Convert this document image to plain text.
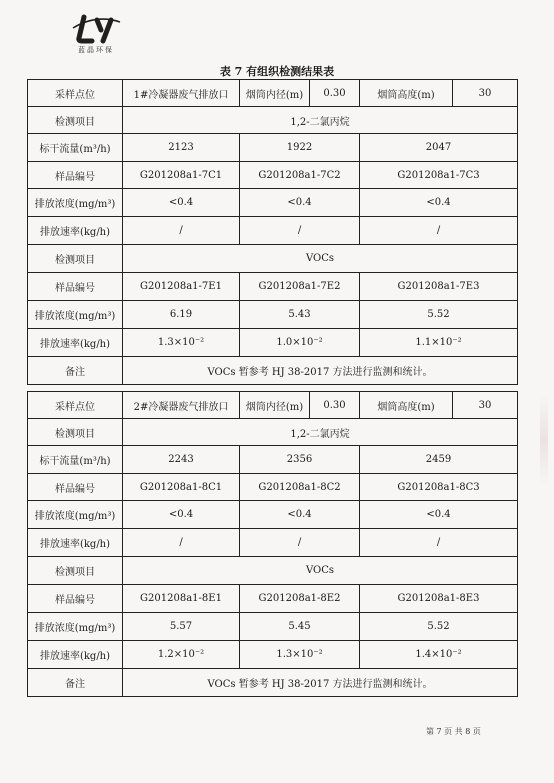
蓝晶环保
表 7 有组织检测结果表
采样点位	1#冷凝器废气排放口	烟筒内径(m)	0.30	烟筒高度(m)	30
检测项目	1,2-二氯丙烷				
标干流量(m³/h)	2123	1922		2047	
样品编号	G201208a1-7C1	G201208a1-7C2		G201208a1-7C3	
排放浓度(mg/m³)	<0.4	<0.4		<0.4	
排放速率(kg/h)	/	/		/	
检测项目	VOCs				
样品编号	G201208a1-7E1	G201208a1-7E2		G201208a1-7E3	
排放浓度(mg/m³)	6.19	5.43		5.52	
排放速率(kg/h)	1.3×10⁻²	1.0×10⁻²		1.1×10⁻²	
备注	VOCs 暂参考 HJ 38-2017 方法进行监测和统计。				
采样点位	2#冷凝器废气排放口	烟筒内径(m)	0.30	烟筒高度(m)	30
检测项目	1,2-二氯丙烷				
标干流量(m³/h)	2243	2356		2459	
样品编号	G201208a1-8C1	G201208a1-8C2		G201208a1-8C3	
排放浓度(mg/m³)	<0.4	<0.4		<0.4	
排放速率(kg/h)	/	/		/	
检测项目	VOCs				
样品编号	G201208a1-8E1	G201208a1-8E2		G201208a1-8E3	
排放浓度(mg/m³)	5.57	5.45		5.52	
排放速率(kg/h)	1.2×10⁻²	1.3×10⁻²		1.4×10⁻²	
备注	VOCs 暂参考 HJ 38-2017 方法进行监测和统计。				
第 7 页 共 8 页
